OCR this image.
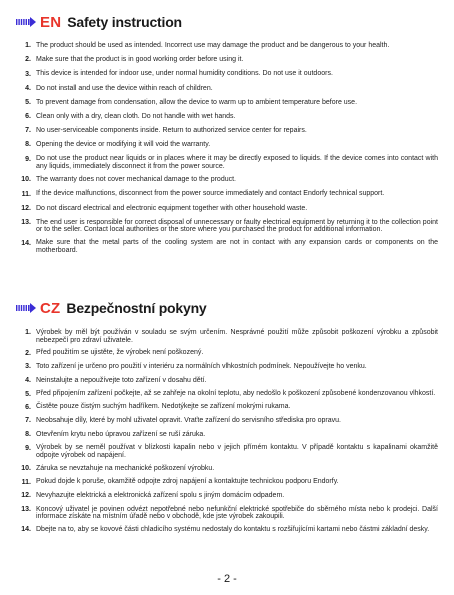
EN Safety instruction
1. The product should be used as intended. Incorrect use may damage the product and be dangerous to your health.
2. Make sure that the product is in good working order before using it.
3. This device is intended for indoor use, under normal humidity conditions. Do not use it outdoors.
4. Do not install and use the device within reach of children.
5. To prevent damage from condensation, allow the device to warm up to ambient temperature before use.
6. Clean only with a dry, clean cloth. Do not handle with wet hands.
7. No user-serviceable components inside. Return to authorized service center for repairs.
8. Opening the device or modifying it will void the warranty.
9. Do not use the product near liquids or in places where it may be directly exposed to liquids. If the device comes into contact with any liquids, immediately disconnect it from the power source.
10. The warranty does not cover mechanical damage to the product.
11. If the device malfunctions, disconnect from the power source immediately and contact Endorfy technical support.
12. Do not discard electrical and electronic equipment together with other household waste.
13. The end user is responsible for correct disposal of unnecessary or faulty electrical equipment by returning it to the collection point or to the seller. Contact local authorities or the store where you purchased the product for additional information.
14. Make sure that the metal parts of the cooling system are not in contact with any expansion cards or components on the motherboard.
CZ Bezpečnostní pokyny
1. Výrobek by měl být používán v souladu se svým určením. Nesprávné použití může způsobit poškození výrobku a způsobit nebezpečí pro zdraví uživatele.
2. Před použitím se ujistěte, že výrobek není poškozený.
3. Toto zařízení je určeno pro použití v interiéru za normálních vlhkostních podmínek. Nepoužívejte ho venku.
4. Neinstalujte a nepoužívejte toto zařízení v dosahu dětí.
5. Před připojením zařízení počkejte, až se zahřeje na okolní teplotu, aby nedošlo k poškození způsobené kondenzovanou vlhkostí.
6. Čistěte pouze čistým suchým hadříkem. Nedotýkejte se zařízení mokrými rukama.
7. Neobsahuje díly, které by mohl uživatel opravit. Vraťte zařízení do servisního střediska pro opravu.
8. Otevřením krytu nebo úpravou zařízení se ruší záruka.
9. Výrobek by se neměl používat v blízkosti kapalin nebo v jejich přímém kontaktu. V případě kontaktu s kapalinami okamžitě odpojte výrobek od napájení.
10. Záruka se nevztahuje na mechanické poškození výrobku.
11. Pokud dojde k poruše, okamžitě odpojte zdroj napájení a kontaktujte technickou podporu Endorfy.
12. Nevyhazujte elektrická a elektronická zařízení spolu s jiným domácím odpadem.
13. Koncový uživatel je povinen odvézt nepotřebné nebo nefunkční elektrické spotřebiče do sběrného místa nebo k prodejci. Další informace získáte na místním úřadě nebo v obchodě, kde jste výrobek zakoupili.
14. Dbejte na to, aby se kovové části chladicího systému nedostaly do kontaktu s rozšiřujícími kartami nebo částmi základní desky.
- 2 -
